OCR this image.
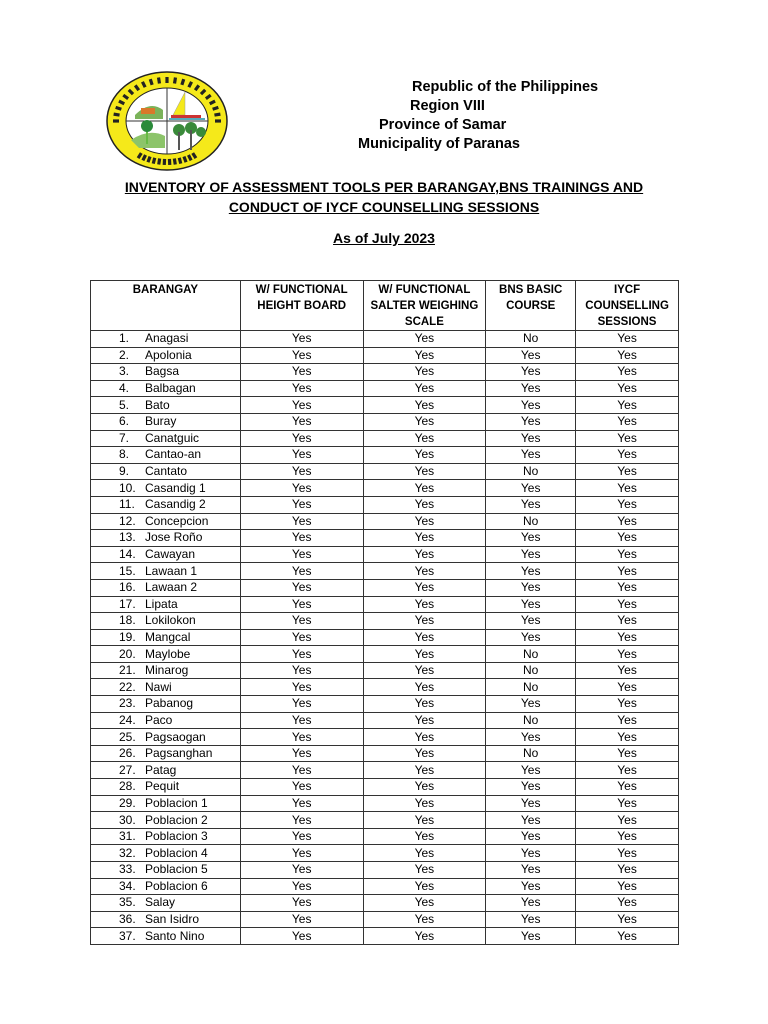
Republic of the Philippines
Region VIII
Province of Samar
Municipality of Paranas
INVENTORY OF ASSESSMENT TOOLS PER BARANGAY,BNS TRAININGS AND
CONDUCT OF IYCF COUNSELLING SESSIONS
As of July 2023
BARANGAY	W/ FUNCTIONAL HEIGHT BOARD	W/ FUNCTIONAL SALTER WEIGHING SCALE	BNS BASIC COURSE	IYCF COUNSELLING SESSIONS
1. Anagasi	Yes	Yes	No	Yes
2. Apolonia	Yes	Yes	Yes	Yes
3. Bagsa	Yes	Yes	Yes	Yes
4. Balbagan	Yes	Yes	Yes	Yes
5. Bato	Yes	Yes	Yes	Yes
6. Buray	Yes	Yes	Yes	Yes
7. Canatguic	Yes	Yes	Yes	Yes
8. Cantao-an	Yes	Yes	Yes	Yes
9. Cantato	Yes	Yes	No	Yes
10. Casandig 1	Yes	Yes	Yes	Yes
11. Casandig 2	Yes	Yes	Yes	Yes
12. Concepcion	Yes	Yes	No	Yes
13. Jose Roño	Yes	Yes	Yes	Yes
14. Cawayan	Yes	Yes	Yes	Yes
15. Lawaan 1	Yes	Yes	Yes	Yes
16. Lawaan 2	Yes	Yes	Yes	Yes
17. Lipata	Yes	Yes	Yes	Yes
18. Lokilokon	Yes	Yes	Yes	Yes
19. Mangcal	Yes	Yes	Yes	Yes
20. Maylobe	Yes	Yes	No	Yes
21. Minarog	Yes	Yes	No	Yes
22. Nawi	Yes	Yes	No	Yes
23. Pabanog	Yes	Yes	Yes	Yes
24. Paco	Yes	Yes	No	Yes
25. Pagsaogan	Yes	Yes	Yes	Yes
26. Pagsanghan	Yes	Yes	No	Yes
27. Patag	Yes	Yes	Yes	Yes
28. Pequit	Yes	Yes	Yes	Yes
29. Poblacion 1	Yes	Yes	Yes	Yes
30. Poblacion 2	Yes	Yes	Yes	Yes
31. Poblacion 3	Yes	Yes	Yes	Yes
32. Poblacion 4	Yes	Yes	Yes	Yes
33. Poblacion 5	Yes	Yes	Yes	Yes
34. Poblacion 6	Yes	Yes	Yes	Yes
35. Salay	Yes	Yes	Yes	Yes
36. San Isidro	Yes	Yes	Yes	Yes
37. Santo Nino	Yes	Yes	Yes	Yes
